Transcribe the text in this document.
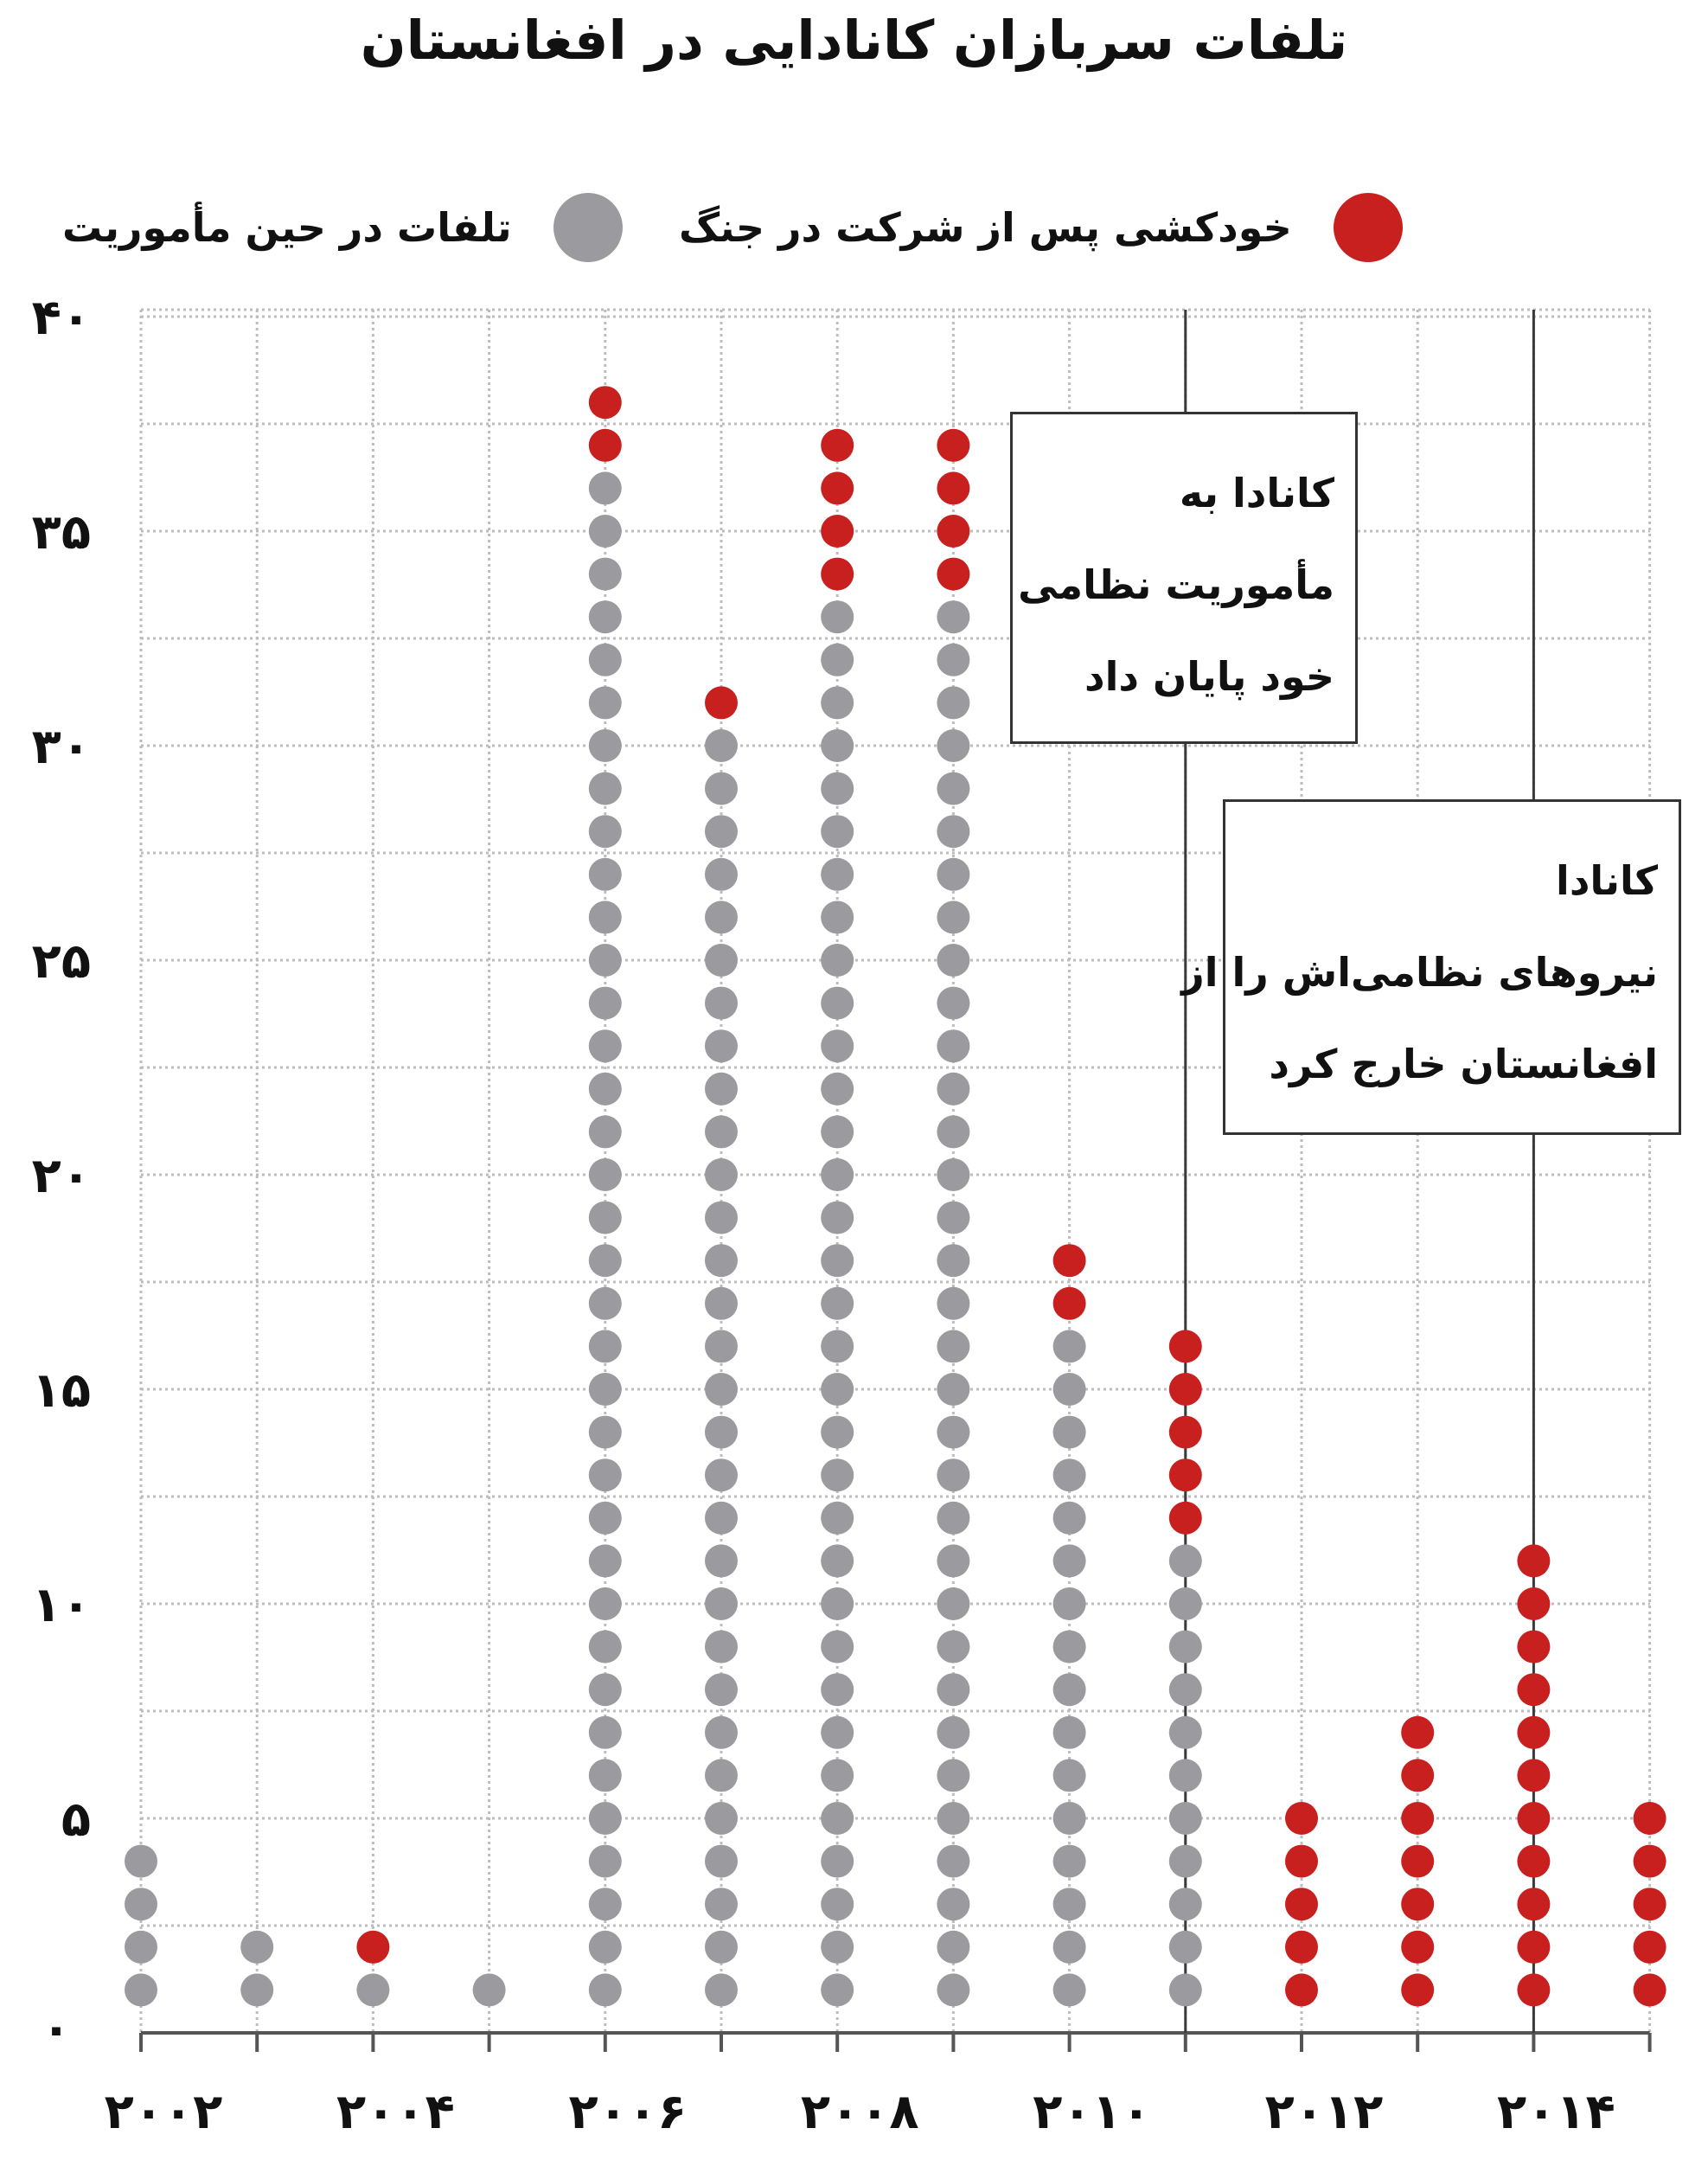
تلفات سربازان کانادایی در افغانستان
خودکشی پس از شرکت در جنگ
تلفات در حین مأموریت
۰
۵
۱۰
۱۵
۲۰
۲۵
۳۰
۳۵
۴۰
۲۰۰۲ ۲۰۰۴ ۲۰۰۶ ۲۰۰۸ ۲۰۱۰ ۲۰۱۲ ۲۰۱۴
کانادا به
مأموریت نظامی
خود پایان داد
کانادا
نیروهای نظامی‌اش را از
افغانستان خارج کرد
